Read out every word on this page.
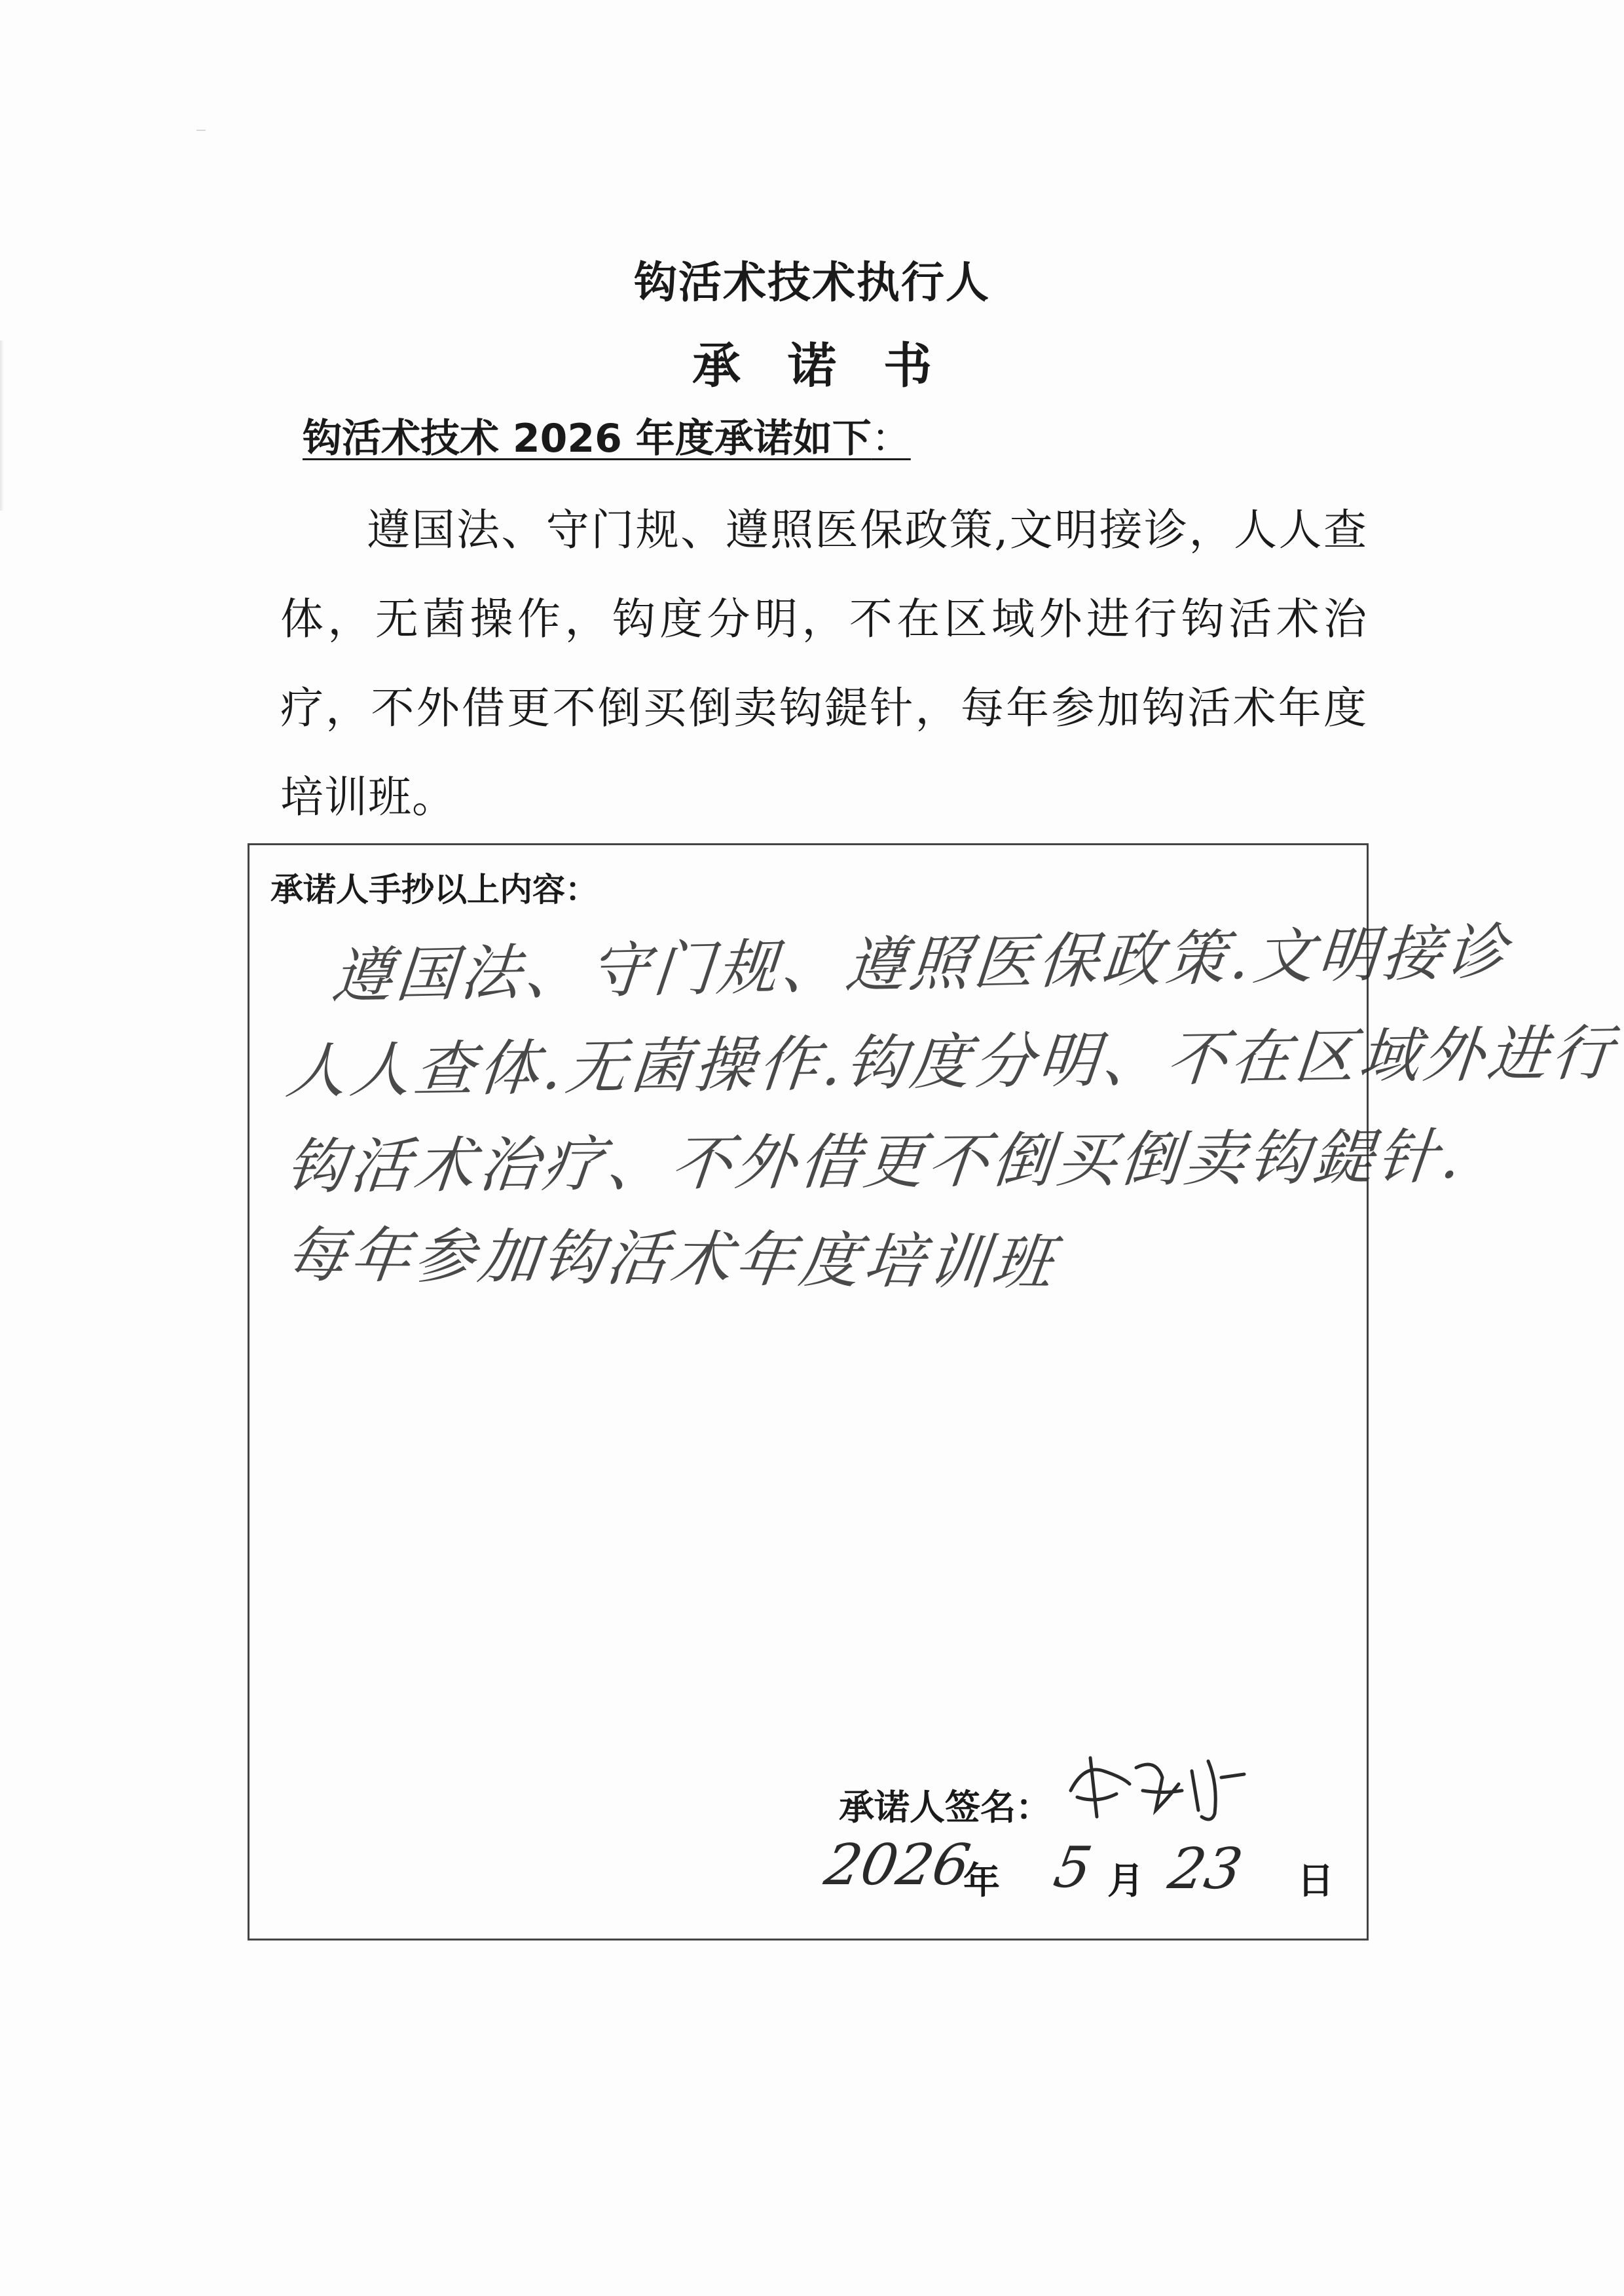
钩活术技术执行人
承诺书
钩活术技术 2026 年度承诺如下：
遵国法、守门规、遵照医保政策,文明接诊，人人查体，无菌操作，钩度分明，不在区域外进行钩活术治疗，不外借更不倒买倒卖钩鍉针，每年参加钩活术年度培训班。
承诺人手抄以上内容：
遵国法、守门规、遵照医保政策.文明接诊
人人查体.无菌操作.钩度分明、不在区域外进行
钩活术治疗、不外借更不倒买倒卖钩鍉针.
每年参加钩活术年度培训班
承诺人签名：
2026
年 5 月 23 日
